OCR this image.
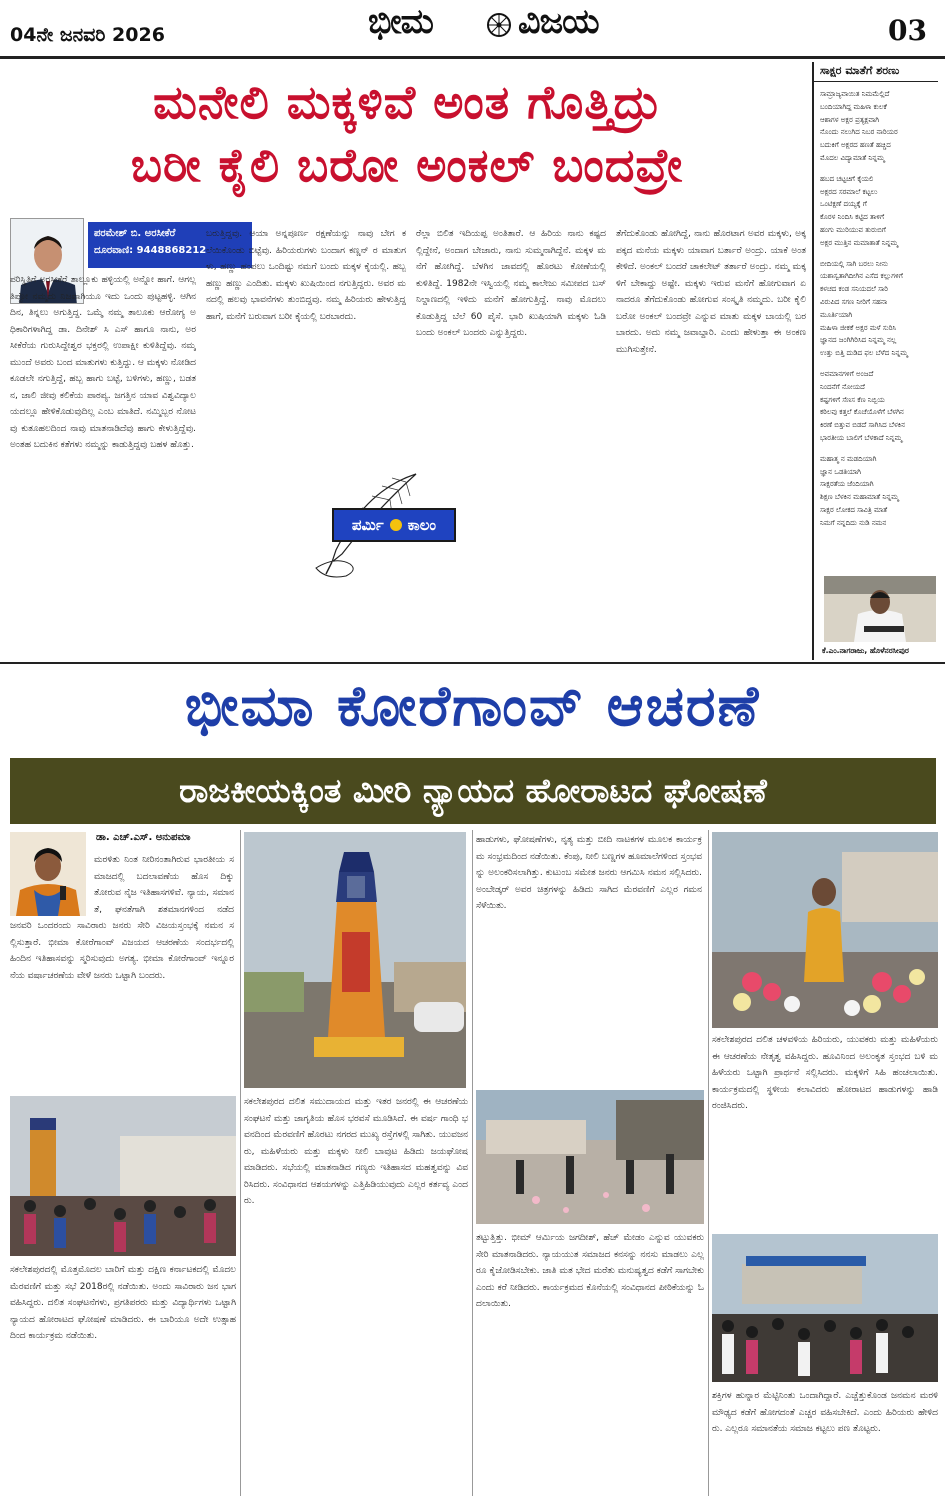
04ನೇ ಜನವರಿ 2026	ಭೀಮ ವಿಜಯ	03
ಮನೇಲಿ ಮಕ್ಕಳಿವೆ ಅಂತ ಗೊತ್ತಿದ್ರು
ಬರೀ ಕೈಲಿ ಬರೋ ಅಂಕಲ್ ಬಂದವ್ರೇ
ಪರಮೇಶ್ ಬಿ. ಅರಸೀಕೆರೆ
ದೂರವಾಣಿ: 9448868212
ಪರಿಸ್ಥಿತಿಗೆ ಅರಸೀಕೆರೆ ತಾಲ್ಲೂಕು ಹಳ್ಳಿಯಲ್ಲಿ ಅನ್ನೋ ಹಾಗೆ. ಆಗಲ್ಲ ತಿಪ್ಪೋ ನಮ್ಮದು ನಿಜವಾಗಿಯೂ ಇದು ಒಂದು ಪುಟ್ಟಹಳ್ಳಿ. ಆಗಿನ ದಿನ, ತಿನ್ನಲು ಅಗುತ್ತಿದ್ದ. ಒಮ್ಮೆ ನಮ್ಮ ತಾಲೂಕು ಆರೋಗ್ಯ ಅಧಿಕಾರಿಗಳಾಗಿದ್ದ ಡಾ. ದಿನೇಶ್ ಸಿ ಎಸ್ ಹಾಗೂ ನಾನು, ಅರಸೀಕೆರೆಯ ಗುರುಸಿದ್ದೇಶ್ವರ ಭಕ್ತರಲ್ಲಿ ಉಪಾಕ್ಷೀ ಕುಳಿತಿದ್ದೆವು. ನಮ್ಮ ಮುಂದೆ ಅವರು ಬಂದ ಮಾತುಗಳು ಕುತ್ತಿದ್ದು. ಆ ಮಕ್ಕಳು ನೋಡಿದ ಕೂಡಲೇ ನಗುತ್ತಿದ್ದೆ, ಹಬ್ಬ ಹಾಗು ಬಟ್ಟೆ, ಬಳಿಗಳು, ಹಣ್ಣು, ಬಡತನ, ಜಾಲಿ ಜೀವು ಕಲಿಕೆಯ ಪಾಠಪ್ಯ. ಜಗತ್ತಿನ ಯಾವ ವಿಶ್ವವಿದ್ಯಾಲಯದಲ್ಲೂ ಹೇಳಿಕೊಡುವುದಿಲ್ಲ ಎಂಬ ಮಾತಿದೆ. ನಮ್ಮಿಬ್ಬರ ನೋಟವು ಕುತೂಹಲದಿಂದ ನಾವು ಮಾತನಾಡಿದೆವು ಹಾಗು ಕೇಳುತ್ತಿದ್ದೆವು. ಅಂತಹ ಬದುಕಿನ ಕತೆಗಳು ನಮ್ಮನ್ನು ಕಾಡುತ್ತಿದ್ದವು ಬಹಳ ಹೊತ್ತು.
ಬರುತ್ತಿದ್ದವು. ಆಯಾ ಅನ್ನಪೂರ್ಣ ರಕ್ಷಣೆಯನ್ನು ನಾವು ಬೇಗ ಕಲೆಯಿಕೊಂಡು ಬಿಟ್ಟೆವು. ಹಿರಿಯರುಗಳು ಬಂದಾಗ ಕಣ್ಣನ್ ರ ಮಾತುಗಳು, ಹಣ್ಣು ಹಂಪಲು ಒಂದಿಷ್ಟು ನಮಗೆ ಬಂದು ಮಕ್ಕಳ ಕೈಯಲ್ಲಿ. ಹಬ್ಬ ಹಣ್ಣು ಹಣ್ಣು ಎಂದಿತು. ಮಕ್ಕಳು ಖುಷಿಯಿಂದ ನಗುತ್ತಿದ್ದರು. ಅವರ ಮನದಲ್ಲಿ ಹಲವು ಭಾವನೆಗಳು ತುಂಬಿದ್ದವು. ನಮ್ಮ ಹಿರಿಯರು ಹೇಳುತ್ತಿದ್ದ ಹಾಗೆ, ಮನೆಗೆ ಬರುವಾಗ ಬರೀ ಕೈಯಲ್ಲಿ ಬರಬಾರದು.
ರೆಲ್ಲಾ ಬಿಲಿತ ಇದಿಯಪ್ಪ ಅಂತಿತಾರೆ. ಆ ಹಿರಿಯ ನಾನು ಕಷ್ಟದಲ್ಲಿದ್ದೇನೆ, ಅಂದಾಗ ಬೇಜಾರು, ನಾನು ಸುಮ್ಮನಾಗಿದ್ದೆನೆ. ಮಕ್ಕಳ ಮನೆಗೆ ಹೋಗಿದ್ದೆ. ಬೆಳಗಿನ ಜಾವದಲ್ಲಿ ಹೊರಟು ಕೋಣೆಯಲ್ಲಿ ಕುಳಿತಿದ್ದೆ. 1982ನೇ ಇಸ್ವಿಯಲ್ಲಿ ನಮ್ಮ ಕಾಲೇಜು ಸಮೀಪದ ಬಸ್ ನಿಲ್ದಾಣದಲ್ಲಿ ಇಳಿದು ಮನೆಗೆ ಹೋಗುತ್ತಿದ್ದೆ. ನಾವು ಮೊದಲು ಕೊಡುತ್ತಿದ್ದ ಬೆಲೆ 60 ಪೈಸೆ. ಭಾರಿ ಖುಷಿಯಾಗಿ ಮಕ್ಕಳು ಓಡಿ ಬಂದು ಅಂಕಲ್ ಬಂದರು ಎನ್ನುತ್ತಿದ್ದರು.
ತೆಗೆದುಕೊಂಡು ಹೋಗಿದ್ದೆ, ನಾನು ಹೊರಟಾಗ ಅವರ ಮಕ್ಕಳು, ಅಕ್ಕ ಪಕ್ಕದ ಮನೆಯ ಮಕ್ಕಳು ಯಾವಾಗ ಬರ್ತಾರೆ ಅಂದ್ರು. ಯಾಕೆ ಅಂತ ಕೇಳಿದೆ. ಅಂಕಲ್ ಬಂದರೆ ಚಾಕಲೇಟ್ ತರ್ತಾರೆ ಅಂದ್ರು. ನಮ್ಮ ಮಕ್ಕಳಿಗೆ ಬೇಕಾದ್ದು ಅಷ್ಟೇ. ಮಕ್ಕಳು ಇರುವ ಮನೆಗೆ ಹೋಗುವಾಗ ಏನಾದರೂ ತೆಗೆದುಕೊಂಡು ಹೋಗುವ ಸಂಸ್ಕೃತಿ ನಮ್ಮದು. ಬರೀ ಕೈಲಿ ಬರೋ ಅಂಕಲ್ ಬಂದವ್ರೇ ಎನ್ನುವ ಮಾತು ಮಕ್ಕಳ ಬಾಯಲ್ಲಿ ಬರಬಾರದು. ಅದು ನಮ್ಮ ಜವಾಬ್ದಾರಿ. ಎಂದು ಹೇಳುತ್ತಾ ಈ ಅಂಕಣ ಮುಗಿಸುತ್ತೇನೆ.
ಪರ್ಮಿ ಕಾಲಂ
ಸಾಕ್ಷರ ಮಾತೆಗೆ ಶರಣು
ಸಾಮ್ರಾಜ್ಯವಾಯಿತ ನಿಮಮೆಲ್ಲಿದೆ
ಬಂದಿಯಾಗಿದ್ದ ಮಹಿಳಾ ಕುಲಕೆ
ಆಶಾಗಳ ಅಕ್ಷರ ಪ್ರತ್ಯಕ್ಷವಾಗಿ
ನೊಂದು ನಲುಗಿದ ನಿಬರ ನಾರಿಯರ
ಬದುಕಿಗೆ ಅಕ್ಷರದ ಹಣತೆ ಹಚ್ಚಿದ
ಮೊದಲ ವಿದ್ಯಾಮಾತೆ ನಿನ್ನಮ್ಮ
ಹಬದ ಚಟ್ಟಚಿಗೆ ಕೈಯಲಿ
ಅಕ್ಷರದ ಸರಮಾಲೆ ಕಟ್ಟಲು
ಒಂಟಿಕ್ಷಣೆ ದಯ್ಯಕ್ಕೆ ಗೆ
ಕೊರಳ ನಿಂದಿಸಿ ಕಟ್ಟಿದ ತಾಳಿಗೆ
ಹಂಗು ಮುರಿಯುವ ತುರುಬಿಗೆ
ಅಕ್ಷರ ಮುತ್ತಿನ ಮಮಾತಾತೆ ನಿನ್ನಮ್ಮ
ಬೀದಿಯಲ್ಲಿ ಸಾಗಿ ಬರಲು ನೀನು
ಯಶಾಸ್ವತಾಗಿದೀಗಿನ ಎಸೆದ ಕಲ್ಲುಗಳಿಗೆ
ಕಳಚದ ಕಂಡ ಸನಿಯದಲೆ ಸಾರಿ
ವಿರುಪಿದ ಸಗಣ ನೀರಿಗೆ ಸಹನಾ
ಮೂರ್ತಿಯಾಗಿ
ಮಹಿಳಾ ಜೀಕಕೆ ಅಕ್ಷರ ಮಳೆ ಸುರಿಸಿ
ಜ್ಞಾನದ ಜಂಗಿಗಿರಿಸಿದ ನಿನ್ನಮ್ಮ ನಲ್ಲ
ಉತ್ತು ಬಿತ್ತಿ ದುಡಿದ ಫಲ ಬೆಳೆದ ನಿನ್ನಮ್ಮ
ಅವಮಾನಗಳಿಗೆ ಅಂಜದೆ
ನಿಂದನೆಗೆ ನೋಯದೆ
ಕಷ್ಟಗಳಿಗೆ ಸೆಣಸ ಕೆಣ ನಿಬ್ಬಿಯ
ಕಠಿಲವು ಕತ್ತಲೆ ಕೊಚೆಯೊಳೆಗೆ ಬೆಳಗಿನ
ಕಿರಣೆ ಬಿತ್ತುವ ಬಿಡದೆ ಸಾಗಿಸಿದ ಬೆಳಕಿನ
ಭಾರತೀಯ ಬಾಲಿಗೆ ಬೆಳಕಾದೆ ನಿನ್ನಮ್ಮ
ಮಹಾತ್ಮ ನ ಮಡದಿಯಾಗಿ
ಜ್ಞಾನ ಒಡತಿಯಾಗಿ
ಸಾಕ್ಷರತೆಯ ಜೆಂದಿಯಾಗಿ
ಶಿಕ್ಷಣ ಬೆಳಕಿನ ಮಹಾಮಾತೆ ನಿನ್ನಮ್ಮ
ಸಾಕ್ಷರ ಲೋಕದ ಸಾವಿತ್ರಿ ಮಾತೆ
ನಿಮಗೆ ನನ್ನದಿದು ನುಡಿ ನಮನ
ಕೆ.ಎಂ.ನಾಗರಾಜು, ಹೊಳೆನರಸೀಪುರ
ಭೀಮಾ ಕೋರೆಗಾಂವ್ ಆಚರಣೆ
ರಾಜಕೀಯಕ್ಕಿಂತ ಮೀರಿ ನ್ಯಾಯದ ಹೋರಾಟದ ಘೋಷಣೆ
ಡಾ. ಎಚ್.ಎಸ್. ಅನುಪಮಾ
ಮರಳಿತು ನಿಂತ ನೀರಿನಂತಾಗಿರುವ ಭಾರತೀಯ ಸಮಾಜದಲ್ಲಿ ಬದಲಾವಣೆಯ ಹೊಸ ದಿಕ್ಕು ತೋರುವ ನೈಜ ಇತಿಹಾಸಗಳಿವೆ. ನ್ಯಾಯ, ಸಮಾನತೆ, ಘನತೆಗಾಗಿ ಶತಮಾನಗಳಿಂದ ನಡೆದ
ಜನವರಿ ಒಂದರಂದು ಸಾವಿರಾರು ಜನರು ಸೇರಿ ವಿಜಯಸ್ತಂಭಕ್ಕೆ ನಮನ ಸಲ್ಲಿಸುತ್ತಾರೆ. ಭೀಮಾ ಕೋರೆಗಾಂವ್ ವಿಜಯದ ಆಚರಣೆಯ ಸಂದರ್ಭದಲ್ಲಿ ಹಿಂದಿನ ಇತಿಹಾಸವನ್ನು ಸ್ಮರಿಸುವುದು ಅಗತ್ಯ. ಭೀಮಾ ಕೋರೆಗಾಂವ್ ಇನ್ನೂರನೆಯ ವರ್ಷಾಚರಣೆಯ ವೇಳೆ ಜನರು ಒಟ್ಟಾಗಿ ಬಂದರು.
ಸಕಲೇಶಪುರದ ದಲಿತ ಸಮುದಾಯದ ಮತ್ತು ಇತರ ಜನರಲ್ಲಿ ಈ ಆಚರಣೆಯ ಸಂಘಟನೆ ಮತ್ತು ಜಾಗೃತಿಯ ಹೊಸ ಭರವಸೆ ಮೂಡಿಸಿದೆ. ಈ ವರ್ಷ ಗಾಂಧಿ ಭವನದಿಂದ ಮೆರವಣಿಗೆ ಹೊರಟು ನಗರದ ಮುಖ್ಯ ರಸ್ತೆಗಳಲ್ಲಿ ಸಾಗಿತು. ಯುವಜನರು, ಮಹಿಳೆಯರು ಮತ್ತು ಮಕ್ಕಳು ನೀಲಿ ಬಾವುಟ ಹಿಡಿದು ಜಯಘೋಷ ಮಾಡಿದರು. ಸಭೆಯಲ್ಲಿ ಮಾತನಾಡಿದ ಗಣ್ಯರು ಇತಿಹಾಸದ ಮಹತ್ವವನ್ನು ವಿವರಿಸಿದರು. ಸಂವಿಧಾನದ ಆಶಯಗಳನ್ನು ಎತ್ತಿಹಿಡಿಯುವುದು ಎಲ್ಲರ ಕರ್ತವ್ಯ ಎಂದರು.
ಸಕಲೇಶಪುರದಲ್ಲಿ ಮೊತ್ತಮೊದಲ ಬಾರಿಗೆ ಮತ್ತು ದಕ್ಷಿಣ ಕರ್ನಾಟಕದಲ್ಲಿ ಮೊದಲ ಮೆರವಣಿಗೆ ಮತ್ತು ಸಭೆ 2018ರಲ್ಲಿ ನಡೆಯಿತು. ಅಂದು ಸಾವಿರಾರು ಜನ ಭಾಗವಹಿಸಿದ್ದರು. ದಲಿತ ಸಂಘಟನೆಗಳು, ಪ್ರಗತಿಪರರು ಮತ್ತು ವಿದ್ಯಾರ್ಥಿಗಳು ಒಟ್ಟಾಗಿ ನ್ಯಾಯದ ಹೋರಾಟದ ಘೋಷಣೆ ಮಾಡಿದರು. ಈ ಬಾರಿಯೂ ಅದೇ ಉತ್ಸಾಹದಿಂದ ಕಾರ್ಯಕ್ರಮ ನಡೆಯಿತು.
ಹಾಡುಗಳು, ಘೋಷಣೆಗಳು, ನೃತ್ಯ ಮತ್ತು ಬೀದಿ ನಾಟಕಗಳ ಮೂಲಕ ಕಾರ್ಯಕ್ರಮ ಸಂಭ್ರಮದಿಂದ ನಡೆಯಿತು. ಕೆಂಪು, ನೀಲಿ ಬಣ್ಣಗಳ ಹೂಮಾಲೆಗಳಿಂದ ಸ್ತಂಭವನ್ನು ಅಲಂಕರಿಸಲಾಗಿತ್ತು. ಕುಟುಂಬ ಸಮೇತ ಜನರು ಆಗಮಿಸಿ ನಮನ ಸಲ್ಲಿಸಿದರು. ಅಂಬೇಡ್ಕರ್ ಅವರ ಚಿತ್ರಗಳನ್ನು ಹಿಡಿದು ಸಾಗಿದ ಮೆರವಣಿಗೆ ಎಲ್ಲರ ಗಮನ ಸೆಳೆಯಿತು.
ತಟ್ಟುತ್ತಿತ್ತು. ಭೀಮ್ ಆರ್ಮಿಯ ಜಗದೀಶ್, ಹೆಚ್ ಮೇಡಂ ಎನ್ನುವ ಯುವಕರು ಸೇರಿ ಮಾತನಾಡಿದರು. ನ್ಯಾಯಯುತ ಸಮಾಜದ ಕನಸನ್ನು ನನಸು ಮಾಡಲು ಎಲ್ಲರೂ ಕೈಜೋಡಿಸಬೇಕು. ಜಾತಿ ಮತ ಭೇದ ಮರೆತು ಮನುಷ್ಯತ್ವದ ಕಡೆಗೆ ಸಾಗಬೇಕು ಎಂದು ಕರೆ ನೀಡಿದರು. ಕಾರ್ಯಕ್ರಮದ ಕೊನೆಯಲ್ಲಿ ಸಂವಿಧಾನದ ಪೀಠಿಕೆಯನ್ನು ಓದಲಾಯಿತು.
ಸಕಲೇಶಪುರದ ದಲಿತ ಚಳವಳಿಯ ಹಿರಿಯರು, ಯುವಕರು ಮತ್ತು ಮಹಿಳೆಯರು ಈ ಆಚರಣೆಯ ನೇತೃತ್ವ ವಹಿಸಿದ್ದರು. ಹೂವಿನಿಂದ ಅಲಂಕೃತ ಸ್ತಂಭದ ಬಳಿ ಮಹಿಳೆಯರು ಒಟ್ಟಾಗಿ ಪ್ರಾರ್ಥನೆ ಸಲ್ಲಿಸಿದರು. ಮಕ್ಕಳಿಗೆ ಸಿಹಿ ಹಂಚಲಾಯಿತು. ಕಾರ್ಯಕ್ರಮದಲ್ಲಿ ಸ್ಥಳೀಯ ಕಲಾವಿದರು ಹೋರಾಟದ ಹಾಡುಗಳನ್ನು ಹಾಡಿ ರಂಜಿಸಿದರು.
ಶಕ್ತಿಗಳ ಹುನ್ನಾರ ಮೆಟ್ಟಿನಿಂತು ಒಂದಾಗಿದ್ದಾರೆ. ಎಚ್ಚೆತ್ತುಕೊಂಡ ಜನಮನ ಮರಳಿ ಮೌಢ್ಯದ ಕಡೆಗೆ ಹೋಗದಂತೆ ಎಚ್ಚರ ವಹಿಸಬೇಕಿದೆ. ಎಂದು ಹಿರಿಯರು ಹೇಳಿದರು. ಎಲ್ಲರೂ ಸಮಾನತೆಯ ಸಮಾಜ ಕಟ್ಟಲು ಪಣ ತೊಟ್ಟರು.
